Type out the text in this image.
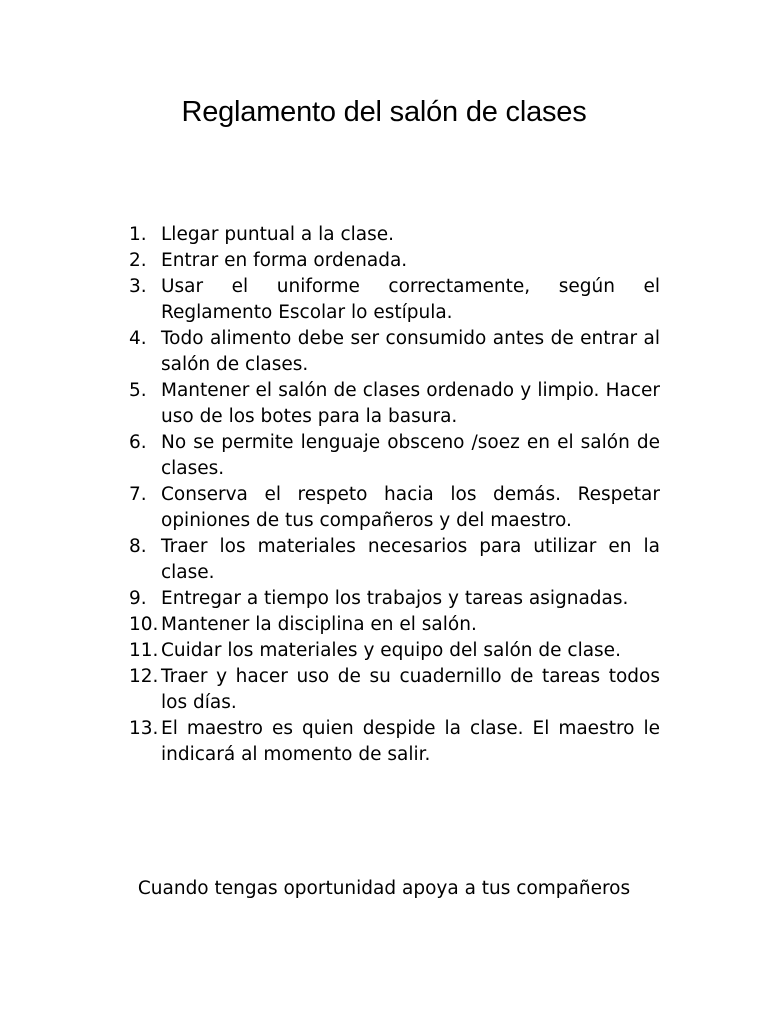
Reglamento del salón de clases
1. Llegar puntual a la clase.
2. Entrar en forma ordenada.
3. Usar el uniforme correctamente, según el Reglamento Escolar lo estípula.
4. Todo alimento debe ser consumido antes de entrar al salón de clases.
5. Mantener el salón de clases ordenado y limpio. Hacer uso de los botes para la basura.
6. No se permite lenguaje obsceno /soez en el salón de clases.
7. Conserva el respeto hacia los demás. Respetar opiniones de tus compañeros y del maestro.
8. Traer los materiales necesarios para utilizar en la clase.
9. Entregar a tiempo los trabajos y tareas asignadas.
10. Mantener la disciplina en el salón.
11. Cuidar los materiales y equipo del salón de clase.
12. Traer y hacer uso de su cuadernillo de tareas todos los días.
13. El maestro es quien despide la clase. El maestro le indicará al momento de salir.

Cuando tengas oportunidad apoya a tus compañeros
